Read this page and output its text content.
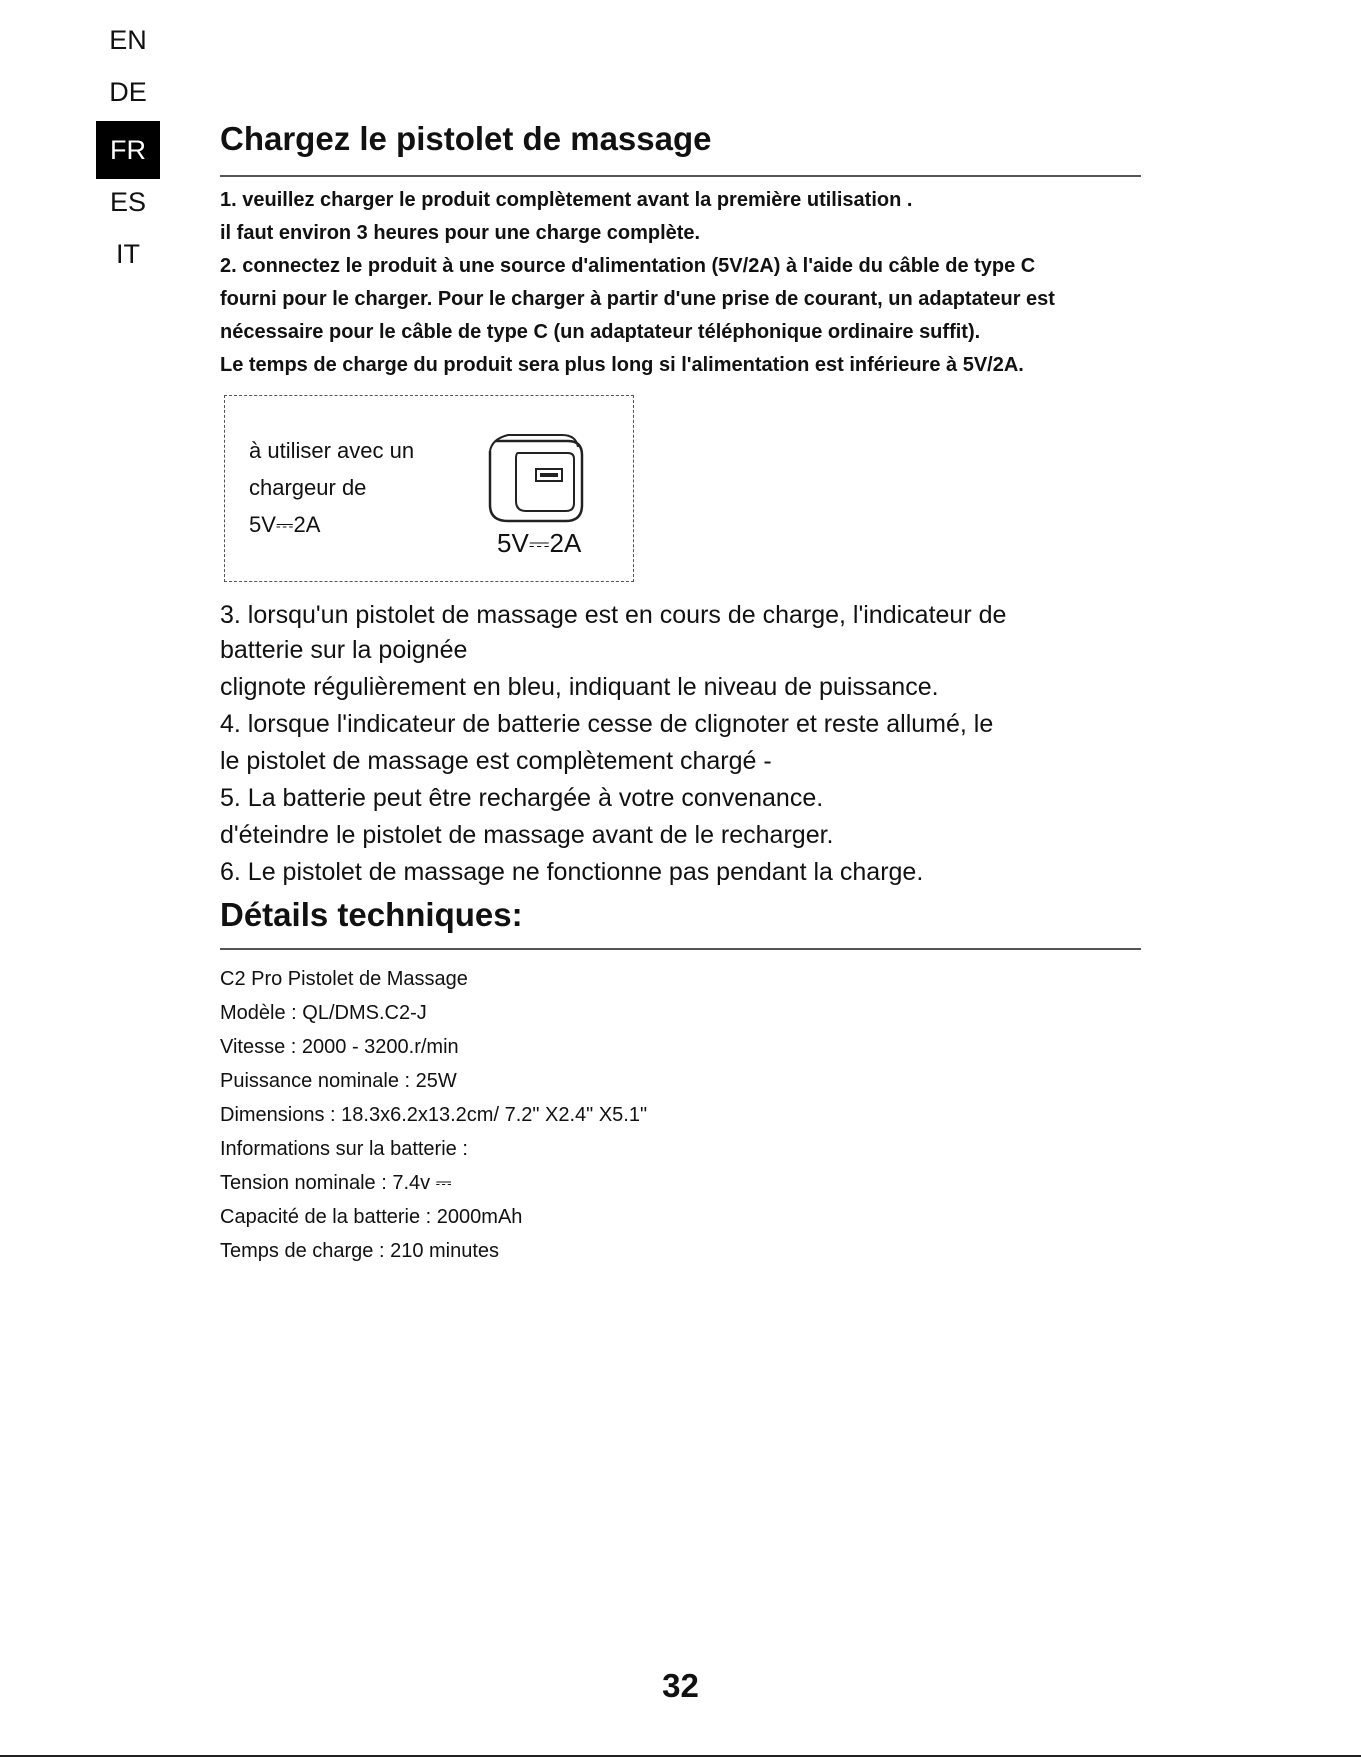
EN
DE
FR
ES
IT
Chargez le pistolet de massage
1. veuillez charger le produit complètement avant la première utilisation .
il faut environ 3 heures pour une charge complète.
2. connectez le produit à une source d'alimentation (5V/2A) à l'aide du câble de type C
fourni pour le charger. Pour le charger à partir d'une prise de courant, un adaptateur est
nécessaire pour le câble de type C (un adaptateur téléphonique ordinaire suffit).
Le temps de charge du produit sera plus long si l'alimentation est inférieure à 5V/2A.
à utiliser avec un
chargeur de
5V⎓2A
5V⎓2A
3. lorsqu'un pistolet de massage est en cours de charge, l'indicateur de
batterie sur la poignée
clignote régulièrement en bleu, indiquant le niveau de puissance.
4. lorsque l'indicateur de batterie cesse de clignoter et reste allumé, le
le pistolet de massage est complètement chargé -
5. La batterie peut être rechargée à votre convenance.
d'éteindre le pistolet de massage avant de le recharger.
6. Le pistolet de massage ne fonctionne pas pendant la charge.
Détails techniques:
C2 Pro Pistolet de Massage
Modèle : QL/DMS.C2-J
Vitesse : 2000 - 3200.r/min
Puissance nominale : 25W
Dimensions : 18.3x6.2x13.2cm/ 7.2" X2.4" X5.1"
Informations sur la batterie :
Tension nominale : 7.4v ⎓
Capacité de la batterie : 2000mAh
Temps de charge : 210 minutes
32
